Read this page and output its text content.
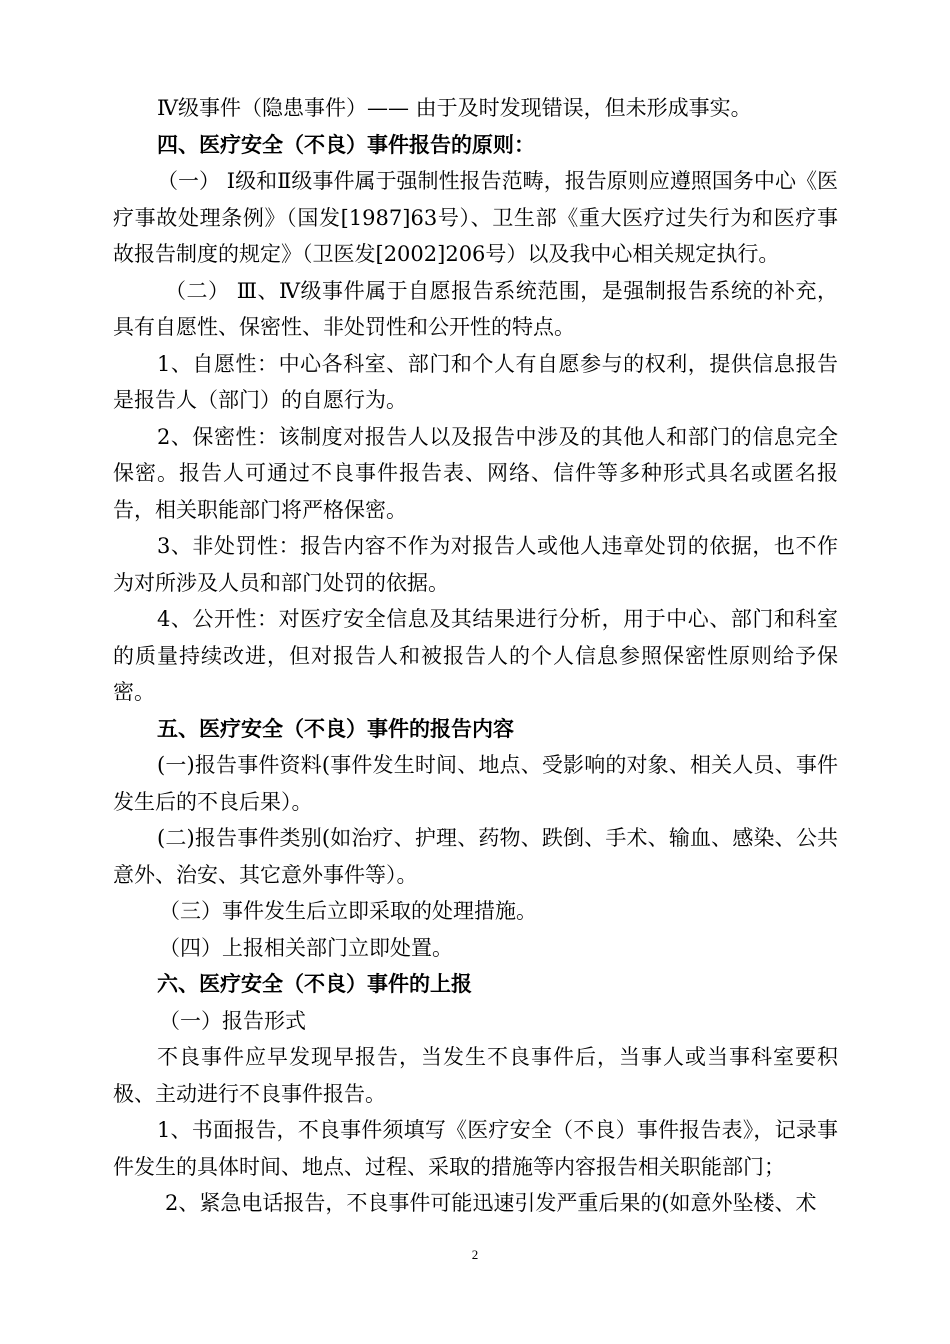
Ⅳ级事件（隐患事件）—— 由于及时发现错误，但未形成事实。

四、医疗安全（不良）事件报告的原则：

（一） Ⅰ级和Ⅱ级事件属于强制性报告范畴，报告原则应遵照国务中心《医疗事故处理条例》（国发[1987]63号）、卫生部《重大医疗过失行为和医疗事故报告制度的规定》（卫医发[2002]206号）以及我中心相关规定执行。

（二） Ⅲ、Ⅳ级事件属于自愿报告系统范围，是强制报告系统的补充，具有自愿性、保密性、非处罚性和公开性的特点。

1、自愿性：中心各科室、部门和个人有自愿参与的权利，提供信息报告是报告人（部门）的自愿行为。

2、保密性：该制度对报告人以及报告中涉及的其他人和部门的信息完全保密。报告人可通过不良事件报告表、网络、信件等多种形式具名或匿名报告，相关职能部门将严格保密。

3、非处罚性：报告内容不作为对报告人或他人违章处罚的依据，也不作为对所涉及人员和部门处罚的依据。

4、公开性：对医疗安全信息及其结果进行分析，用于中心、部门和科室的质量持续改进，但对报告人和被报告人的个人信息参照保密性原则给予保密。

五、医疗安全（不良）事件的报告内容

(一)报告事件资料(事件发生时间、地点、受影响的对象、相关人员、事件发生后的不良后果）。

(二)报告事件类别(如治疗、护理、药物、跌倒、手术、输血、感染、公共意外、治安、其它意外事件等）。

（三）事件发生后立即采取的处理措施。

（四）上报相关部门立即处置。

六、医疗安全（不良）事件的上报

（一）报告形式

不良事件应早发现早报告，当发生不良事件后，当事人或当事科室要积极、主动进行不良事件报告。

1、书面报告，不良事件须填写《医疗安全（不良）事件报告表》，记录事件发生的具体时间、地点、过程、采取的措施等内容报告相关职能部门；

2、紧急电话报告，不良事件可能迅速引发严重后果的(如意外坠楼、术

2
